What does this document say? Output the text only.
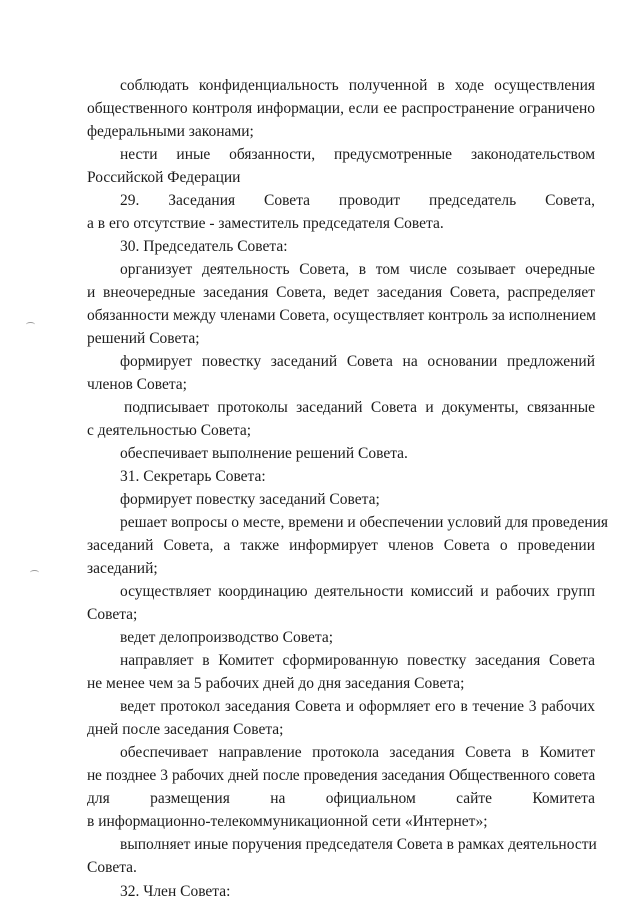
соблюдать конфиденциальность полученной в ходе осуществления
общественного контроля информации, если ее распространение ограничено
федеральными законами;
нести иные обязанности, предусмотренные законодательством
Российской Федерации
29. Заседания Совета проводит председатель Совета,
а в его отсутствие - заместитель председателя Совета.
30. Председатель Совета:
организует деятельность Совета, в том числе созывает очередные
и внеочередные заседания Совета, ведет заседания Совета, распределяет
обязанности между членами Совета, осуществляет контроль за исполнением
решений Совета;
формирует повестку заседаний Совета на основании предложений
членов Совета;
подписывает протоколы заседаний Совета и документы, связанные
с деятельностью Совета;
обеспечивает выполнение решений Совета.
31. Секретарь Совета:
формирует повестку заседаний Совета;
решает вопросы о месте, времени и обеспечении условий для проведения
заседаний Совета, а также информирует членов Совета о проведении
заседаний;
осуществляет координацию деятельности комиссий и рабочих групп
Совета;
ведет делопроизводство Совета;
направляет в Комитет сформированную повестку заседания Совета
не менее чем за 5 рабочих дней до дня заседания Совета;
ведет протокол заседания Совета и оформляет его в течение 3 рабочих
дней после заседания Совета;
обеспечивает направление протокола заседания Совета в Комитет
не позднее 3 рабочих дней после проведения заседания Общественного совета
для размещения на официальном сайте Комитета
в информационно-телекоммуникационной сети «Интернет»;
выполняет иные поручения председателя Совета в рамках деятельности
Совета.
32. Член Совета:
